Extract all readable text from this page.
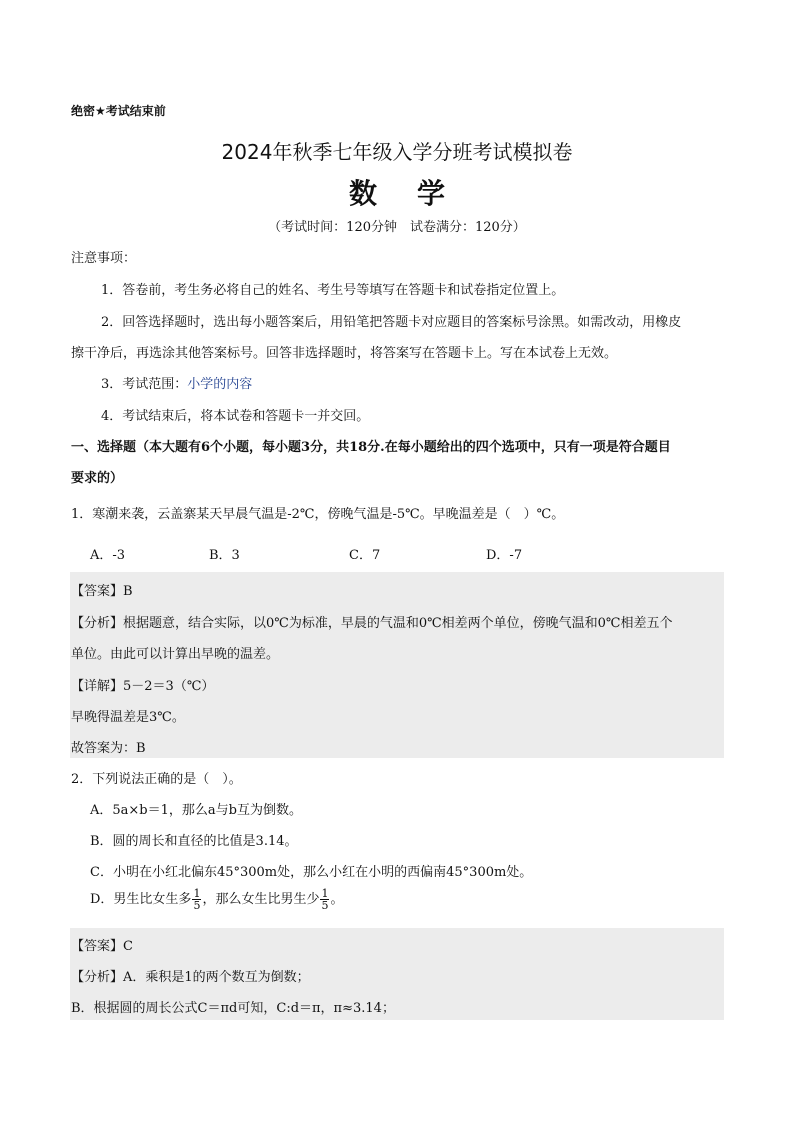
绝密★考试结束前
2024年秋季七年级入学分班考试模拟卷
数学
（考试时间：120分钟　试卷满分：120分）
注意事项：
1．答卷前，考生务必将自己的姓名、考生号等填写在答题卡和试卷指定位置上。
2．回答选择题时，选出每小题答案后，用铅笔把答题卡对应题目的答案标号涂黑。如需改动，用橡皮
擦干净后，再选涂其他答案标号。回答非选择题时，将答案写在答题卡上。写在本试卷上无效。
3．考试范围：小学的内容
4．考试结束后，将本试卷和答题卡一并交回。
一、选择题（本大题有6个小题，每小题3分，共18分.在每小题给出的四个选项中，只有一项是符合题目
要求的）
1．寒潮来袭，云盖寨某天早晨气温是-2℃，傍晚气温是-5℃。早晚温差是（　）℃。
A．-3	B．3	C．7	D．-7
【答案】B
【分析】根据题意，结合实际，以0℃为标准，早晨的气温和0℃相差两个单位，傍晚气温和0℃相差五个
单位。由此可以计算出早晚的温差。
【详解】5－2＝3（℃）
早晚得温差是3℃。
故答案为：B
2．下列说法正确的是（　）。
A．5a×b＝1，那么a与b互为倒数。
B．圆的周长和直径的比值是3.14。
C．小明在小红北偏东45°300m处，那么小红在小明的西偏南45°300m处。
D．男生比女生多 $\frac{1}{5}$ ，那么女生比男生少 $\frac{1}{5}$ 。
【答案】C
【分析】A．乘积是1的两个数互为倒数；
B．根据圆的周长公式C＝πd可知，C:d＝π，π≈3.14；
